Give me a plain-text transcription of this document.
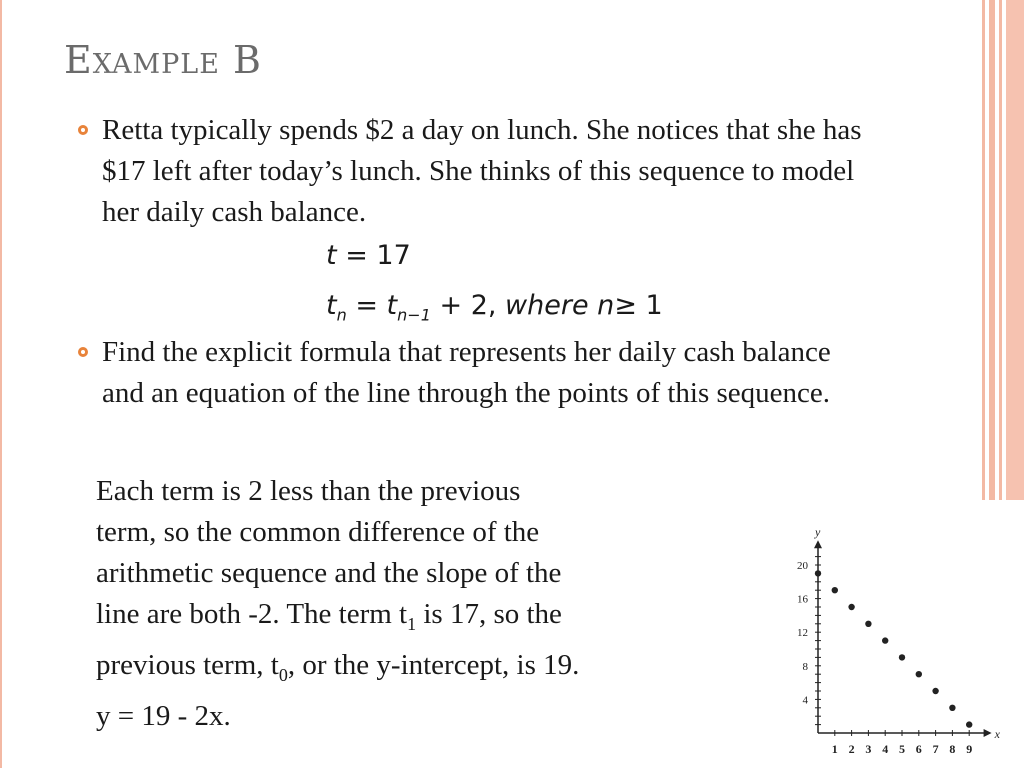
Example B
Retta typically spends $2 a day on lunch. She notices that she has $17 left after today’s lunch. She thinks of this sequence to model her daily cash balance.
t = 17
$t_n = t_{n-1} + 2$, where n≥ 1
Find the explicit formula that represents her daily cash balance and an equation of the line through the points of this sequence.
Each term is 2 less than the previous
term, so the common difference of the
arithmetic sequence and the slope of the
line are both -2. The term $t_1$ is 17, so the
previous term, $t_0$, or the y-intercept, is 19.
y = 19 - 2x.
x
y
4
8
12
16
20
1 2 3 4 5 6 7 8 9
